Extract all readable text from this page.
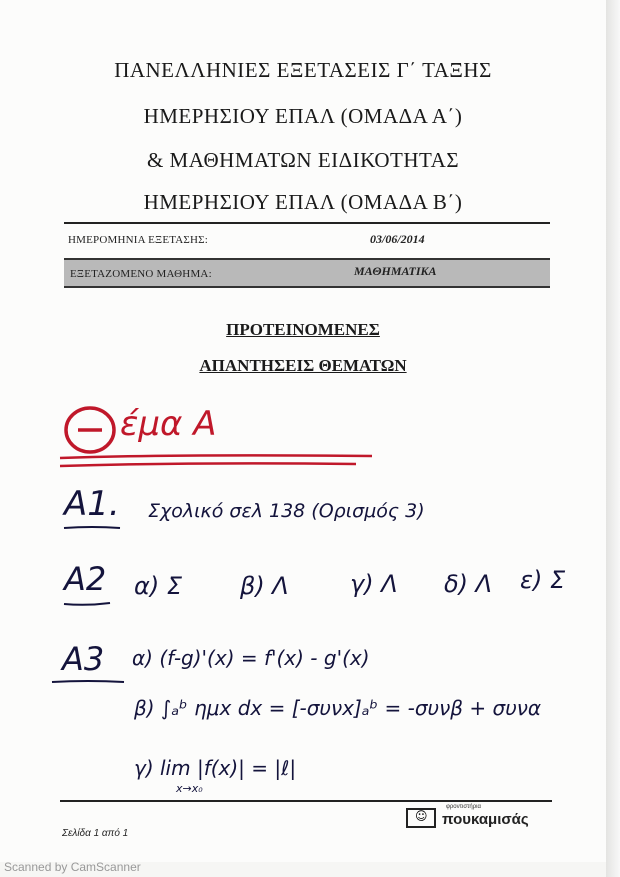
ΠΑΝΕΛΛΗΝΙΕΣ ΕΞΕΤΑΣΕΙΣ Γ΄ ΤΑΞΗΣ
ΗΜΕΡΗΣΙΟΥ ΕΠΑΛ (ΟΜΑΔΑ Α΄)
& ΜΑΘΗΜΑΤΩΝ ΕΙΔΙΚΟΤΗΤΑΣ
ΗΜΕΡΗΣΙΟΥ ΕΠΑΛ (ΟΜΑΔΑ Β΄)
ΗΜΕΡΟΜΗΝΙΑ ΕΞΕΤΑΣΗΣ:	03/06/2014
ΕΞΕΤΑΖΟΜΕΝΟ ΜΑΘΗΜΑ:	ΜΑΘΗΜΑΤΙΚΑ
ΠΡΟΤΕΙΝΟΜΕΝΕΣ
ΑΠΑΝΤΗΣΕΙΣ ΘΕΜΑΤΩΝ
έμα Α
Α1. Σχολικό σελ 138 (Ορισμός 3)
Α2 α) Σ β) Λ	γ) Λ δ) Λ ε) Σ
Α3 α) (f-g)'(x) = f'(x) - g'(x)
β) ∫ₐᵇ ημx dx = [-συνx]ₐᵇ = -συνβ + συνα
γ) lim |f(x)| = |ℓ|
x→x₀
Σελίδα 1 από 1
☺
φροντιστήρια
πουκαμισάς
Scanned by CamScanner
